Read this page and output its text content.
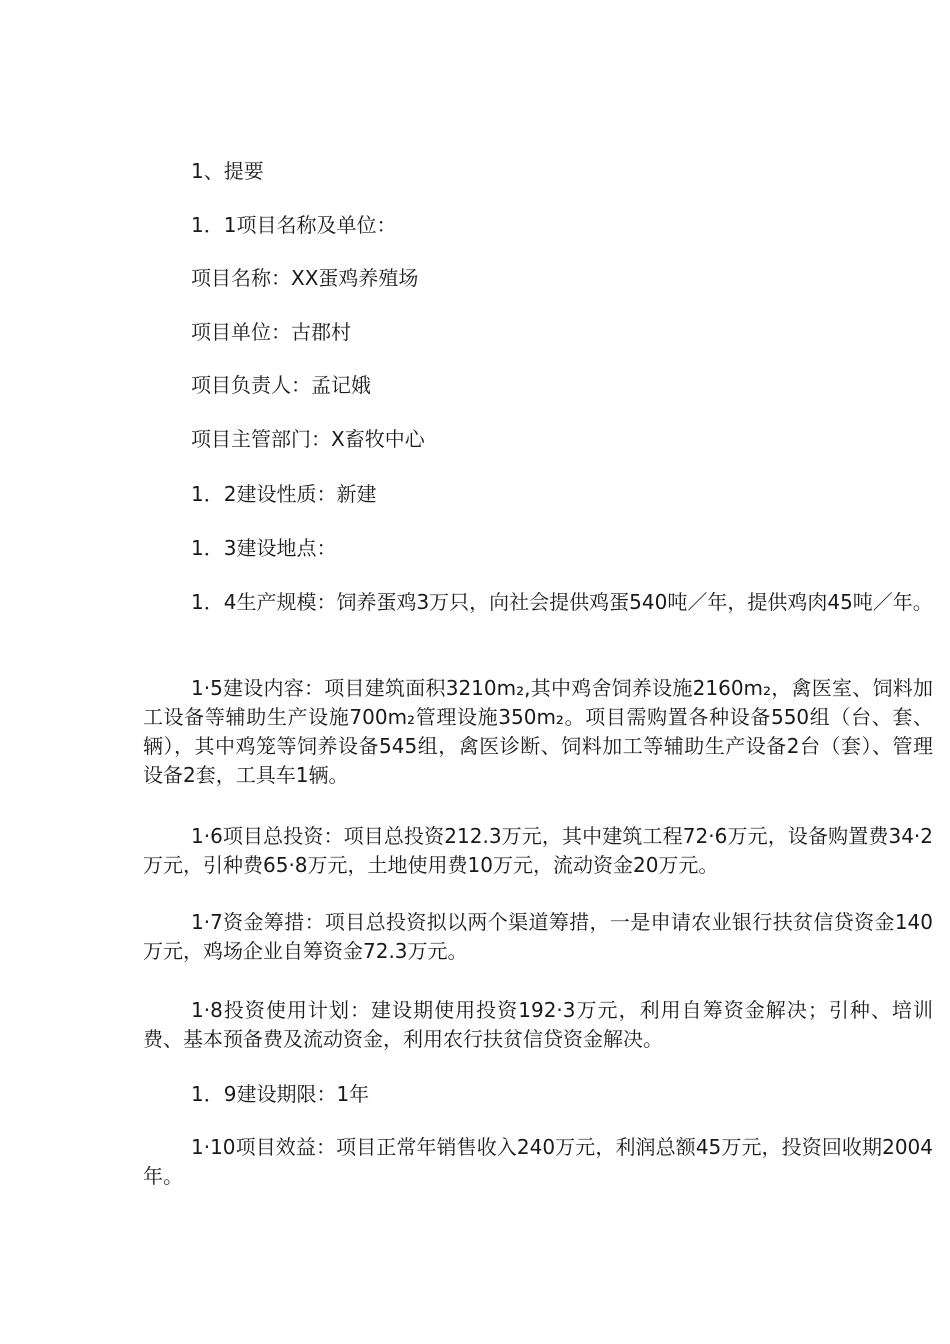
1、提要

1．1项目名称及单位：

项目名称：XX蛋鸡养殖场

项目单位：古郡村

项目负责人：孟记娥

项目主管部门：X畜牧中心

1．2建设性质：新建

1．3建设地点：

1．4生产规模：饲养蛋鸡3万只，向社会提供鸡蛋540吨／年，提供鸡肉45吨／年。

1·5建设内容：项目建筑面积3210m₂,其中鸡舍饲养设施2160m₂，禽医室、饲料加工设备等辅助生产设施700m₂管理设施350m₂。项目需购置各种设备550组（台、套、辆），其中鸡笼等饲养设备545组，禽医诊断、饲料加工等辅助生产设备2台（套）、管理设备2套，工具车1辆。

1·6项目总投资：项目总投资212.3万元，其中建筑工程72·6万元，设备购置费34·2万元，引种费65·8万元，土地使用费10万元，流动资金20万元。

1·7资金筹措：项目总投资拟以两个渠道筹措，一是申请农业银行扶贫信贷资金140万元，鸡场企业自筹资金72.3万元。

1·8投资使用计划：建设期使用投资192·3万元，利用自筹资金解决；引种、培训费、基本预备费及流动资金，利用农行扶贫信贷资金解决。

1．9建设期限：1年

1·10项目效益：项目正常年销售收入240万元，利润总额45万元，投资回收期2004年。
